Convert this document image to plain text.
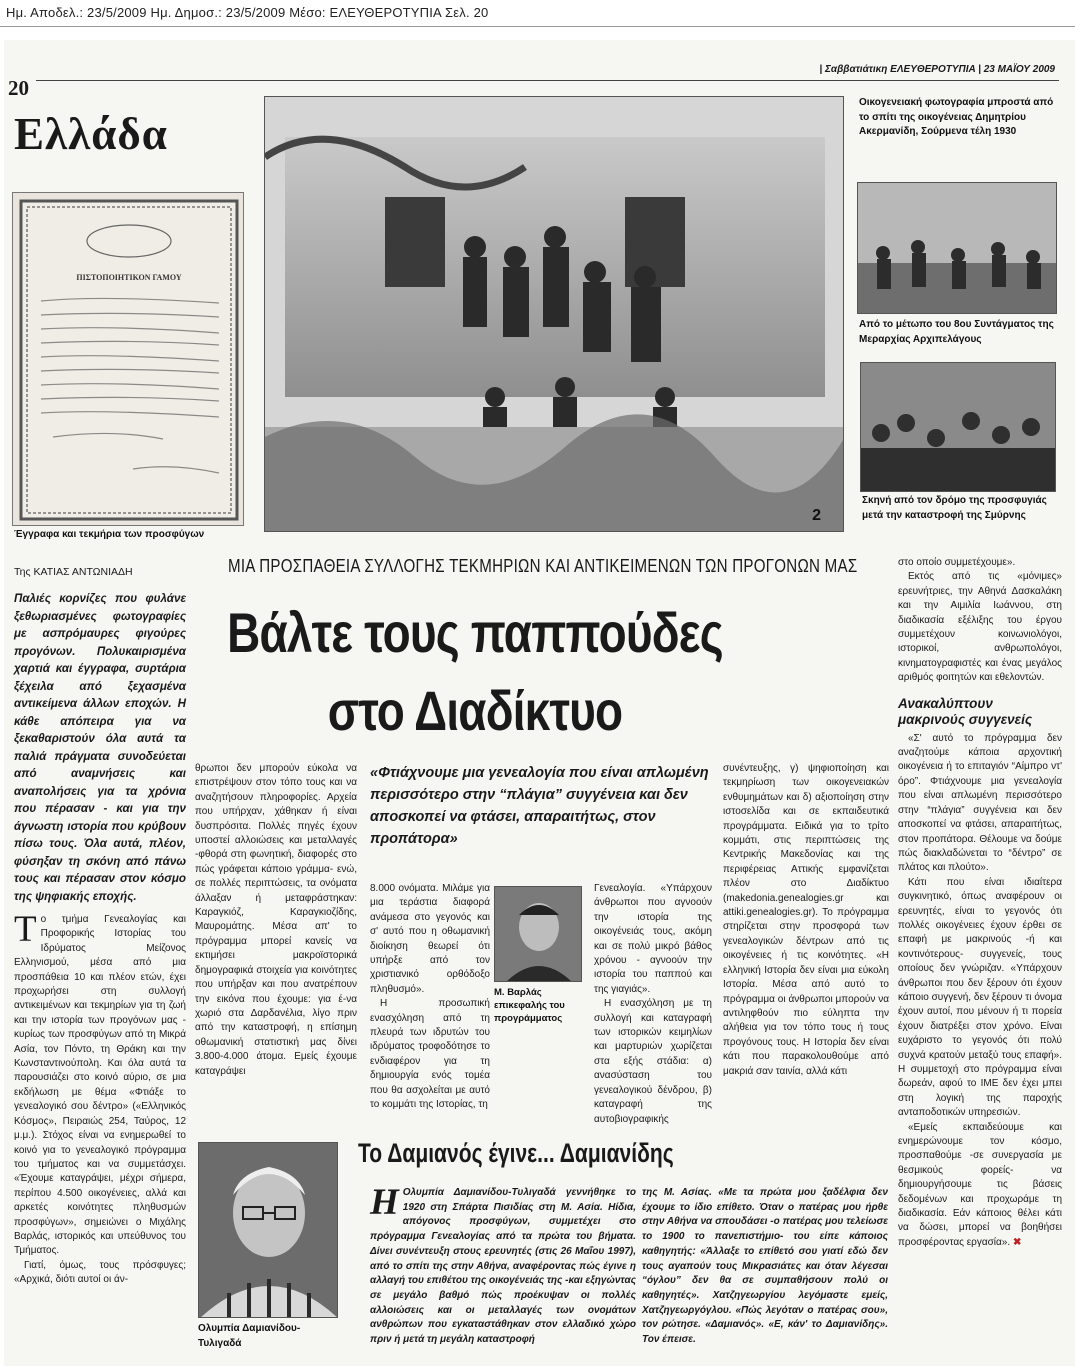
Ημ. Αποδελ.: 23/5/2009 Ημ. Δημοσ.: 23/5/2009 Μέσο: ΕΛΕΥΘΕΡΟΤΥΠΙΑ Σελ. 20
20
| Σαββατιάτικη ΕΛΕΥΘΕΡΟΤΥΠΙΑ | 23 ΜΑΪΟΥ 2009
Ελλάδα
ΠΙΣΤΟΠΟΙΗΤΙΚΟΝ ΓΑΜΟΥ
Έγγραφα και τεκμήρια των προσφύγων
2
Οικογενειακή φωτογραφία μπροστά από το σπίτι της οικογένειας Δημητρίου Ακερμανίδη, Σούρμενα τέλη 1930
Από το μέτωπο του 8ου Συντάγματος της Μεραρχίας Αρχιπελάγους
Σκηνή από τον δρόμο της προσφυγιάς μετά την καταστροφή της Σμύρνης
Της ΚΑΤΙΑΣ ΑΝΤΩΝΙΑΔΗ	ΜΙΑ ΠΡΟΣΠΑΘΕΙΑ ΣΥΛΛΟΓΗΣ ΤΕΚΜΗΡΙΩΝ ΚΑΙ ΑΝΤΙΚΕΙΜΕΝΩΝ ΤΩΝ ΠΡΟΓΟΝΩΝ ΜΑΣ
Βάλτε τους παππούδες
στο Διαδίκτυο
Παλιές κορνίζες που φυλάνε ξεθωριασμένες φωτογραφίες με ασπρόμαυρες φιγούρες προγόνων. Πολυκαιρισμένα χαρτιά και έγγραφα, συρτάρια ξέχειλα από ξεχασμένα αντικείμενα άλλων εποχών. Η κάθε απόπειρα για να ξεκαθαριστούν όλα αυτά τα παλιά πράγματα συνοδεύεται από αναμνήσεις και αναπολήσεις για τα χρόνια που πέρασαν - και για την άγνωστη ιστορία που κρύβουν πίσω τους. Όλα αυτά, πλέον, φύσηξαν τη σκόνη από πάνω τους και πέρασαν στον κόσμο της ψηφιακής εποχής.
«Φτιάχνουμε μια γενεαλογία που είναι απλωμένη περισσότερο στην “πλάγια” συγγένεια και δεν αποσκοπεί να φτάσει, απαραιτήτως, στον προπάτορα»

Το τμήμα Γενεαλογίας και Προφορικής Ιστορίας του Ιδρύματος Μείζονος Ελληνισμού, μέσα από μια προσπάθεια 10 και πλέον ετών, έχει προχωρήσει στη συλλογή αντικειμένων και τεκμηρίων για τη ζωή και την ιστορία των προγόνων μας - κυρίως των προσφύγων από τη Μικρά Ασία, τον Πόντο, τη Θράκη και την Κωνσταντινούπολη. Και όλα αυτά τα παρουσιάζει στο κοινό αύριο, σε μια εκδήλωση με θέμα «Φτιάξε το γενεαλογικό σου δέντρο» («Ελληνικός Κόσμος», Πειραιώς 254, Ταύρος, 12 μ.μ.). Στόχος είναι να ενημερωθεί το κοινό για το γενεαλογικό πρόγραμμα του τμήματος και να συμμετάσχει. «Έχουμε καταγράψει, μέχρι σήμερα, περίπου 4.500 οικογένειες, αλλά και αρκετές κοινότητες πληθυσμών προσφύγων», σημειώνει ο Μιχάλης Βαρλάς, ιστορικός και υπεύθυνος του Τμήματος.

Γιατί, όμως, τους πρόσφυγες; «Αρχικά, διότι αυτοί οι άν-

θρωποι δεν μπορούν εύκολα να επιστρέψουν στον τόπο τους και να αναζητήσουν πληροφορίες. Αρχεία που υπήρχαν, χάθηκαν ή είναι δυσπρόσιτα. Πολλές πηγές έχουν υποστεί αλλοιώσεις και μεταλλαγές -φθορά στη φωνητική, διαφορές στο πώς γράφεται κάποιο γράμμα- ενώ, σε πολλές περιπτώσεις, τα ονόματα άλλαξαν ή μεταφράστηκαν: Καραγκιόζ, Καραγκιοζίδης, Μαυρομάτης. Μέσα απ' το πρόγραμμα μπορεί κανείς να εκτιμήσει μακροϊστορικά δημογραφικά στοιχεία για κοινότητες που υπήρξαν και που ανατρέπουν την εικόνα που έχουμε: για έ-να χωριό στα Δαρδανέλια, λίγο πριν από την καταστροφή, η επίσημη οθωμανική στατιστική μας δίνει 3.800-4.000 άτομα. Εμείς έχουμε καταγράψει

8.000 ονόματα. Μιλάμε για μια τεράστια διαφορά ανάμεσα στο γεγονός και σ' αυτό που η οθωμανική διοίκηση θεωρεί ότι υπήρξε από τον χριστιανικό ορθόδοξο πληθυσμό».

Η προσωπική ενασχόληση από τη πλευρά των ιδρυτών του ιδρύματος τροφοδότησε το ενδιαφέρον για τη δημιουργία ενός τομέα που θα ασχολείται με αυτό το κομμάτι της Ιστορίας, τη

Μ. Βαρλάς επικεφαλής του προγράμματος

Γενεαλογία. «Υπάρχουν άνθρωποι που αγνοούν την ιστορία της οικογένειάς τους, ακόμη και σε πολύ μικρό βάθος χρόνου - αγνοούν την ιστορία του παππού και της γιαγιάς».

Η ενασχόληση με τη συλλογή και καταγραφή των ιστορικών κειμηλίων και μαρτυριών χωρίζεται στα εξής στάδια: α) ανασύσταση του γενεαλογικού δένδρου, β) καταγραφή της αυτοβιογραφικής

συνέντευξης, γ) ψηφιοποίηση και τεκμηρίωση των οικογενειακών ενθυμημάτων και δ) αξιοποίηση στην ιστοσελίδα και σε εκπαιδευτικά προγράμματα. Ειδικά για το τρίτο κομμάτι, στις περιπτώσεις της Κεντρικής Μακεδονίας και της περιφέρειας Αττικής εμφανίζεται πλέον στο Διαδίκτυο (makedonia.genealogies.gr και attiki.genealogies.gr). Το πρόγραμμα στηρίζεται στην προσφορά των γενεαλογικών δέντρων από τις οικογένειες ή τις κοινότητες. «Η ελληνική Ιστορία δεν είναι μια εύκολη Ιστορία. Μέσα από αυτό το πρόγραμμα οι άνθρωποι μπορούν να αντιληφθούν πιο εύληπτα την αλήθεια για τον τόπο τους ή τους προγόνους τους. Η Ιστορία δεν είναι κάτι που παρακολουθούμε από μακριά σαν ταινία, αλλά κάτι

στο οποίο συμμετέχουμε».

Εκτός από τις «μόνιμες» ερευνήτριες, την Αθηνά Δασκαλάκη και την Αιμιλία Ιωάννου, στη διαδικασία εξέλιξης του έργου συμμετέχουν κοινωνιολόγοι, ιστορικοί, ανθρωπολόγοι, κινηματογραφιστές και ένας μεγάλος αριθμός φοιτητών και εθελοντών.

Ανακαλύπτουν μακρινούς συγγενείς

«Σ' αυτό το πρόγραμμα δεν αναζητούμε κάποια αρχοντική οικογένεια ή το επιταγιόν “Αίμπρο ντ' όρο”. Φτιάχνουμε μια γενεαλογία που είναι απλωμένη περισσότερο στην “πλάγια” συγγένεια και δεν αποσκοπεί να φτάσει, απαραιτήτως, στον προπάτορα. Θέλουμε να δούμε πώς διακλαδώνεται το “δέντρο” σε πλάτος και πλούτο».

Κάτι που είναι ιδιαίτερα συγκινητικό, όπως αναφέρουν οι ερευνητές, είναι το γεγονός ότι πολλές οικογένειες έχουν έρθει σε επαφή με μακρινούς -ή και κοντινότερους- συγγενείς, τους οποίους δεν γνώριζαν. «Υπάρχουν άνθρωποι που δεν ξέρουν ότι έχουν κάποιο συγγενή, δεν ξέρουν τι όνομα έχουν αυτοί, που μένουν ή τι πορεία έχουν διατρέξει στον χρόνο. Είναι ευχάριστο το γεγονός ότι πολύ συχνά κρατούν μεταξύ τους επαφή». Η συμμετοχή στο πρόγραμμα είναι δωρεάν, αφού το ΙΜΕ δεν έχει μπει στη λογική της παροχής ανταποδοτικών υπηρεσιών.

«Εμείς εκπαιδεύουμε και ενημερώνουμε τον κόσμο, προσπαθούμε -σε συνεργασία με θεσμικούς φορείς- να δημιουργήσουμε τις βάσεις δεδομένων και προχωράμε τη διαδικασία. Εάν κάποιος θέλει κάτι να δώσει, μπορεί να βοηθήσει προσφέροντας εργασία». ✖

Ολυμπία Δαμιανίδου-Τυλιγαδά
Το Δαμιανός έγινε... Δαμιανίδης
Η Ολυμπία Δαμιανίδου-Τυλιγαδά γεννήθηκε το 1920 στη Σπάρτα Πισιδίας στη Μ. Ασία. Ηίδια, απόγονος προσφύγων, συμμετέχει στο πρόγραμμα Γενεαλογίας από τα πρώτα του βήματα. Δίνει συνέντευξη στους ερευνητές (στις 26 Μαΐου 1997), από το σπίτι της στην Αθήνα, αναφέροντας πώς έγινε η αλλαγή του επιθέτου της οικογένειάς της -και εξηγώντας σε μεγάλο βαθμό πώς προέκυψαν οι πολλές αλλοιώσεις και οι μεταλλαγές των ονομάτων ανθρώπων που εγκαταστάθηκαν στον ελλαδικό χώρο πριν ή μετά τη μεγάλη καταστροφή
της Μ. Ασίας. «Με τα πρώτα μου ξαδέλφια δεν έχουμε το ίδιο επίθετο. Όταν ο πατέρας μου ήρθε στην Αθήνα να σπουδάσει -ο πατέρας μου τελείωσε το 1900 το πανεπιστήμιο- του είπε κάποιος καθηγητής: «Άλλαξε το επίθετό σου γιατί εδώ δεν τους αγαπούν τους Μικρασιάτες και όταν λέγεσαι “όγλου” δεν θα σε συμπαθήσουν πολύ οι καθηγητές». Χατζηγεωργίου λεγόμαστε εμείς, Χατζηγεωργόγλου. «Πώς λεγόταν ο πατέρας σου», τον ρώτησε. «Δαμιανός». «Ε, κάν' το Δαμιανίδης». Τον έπεισε.
